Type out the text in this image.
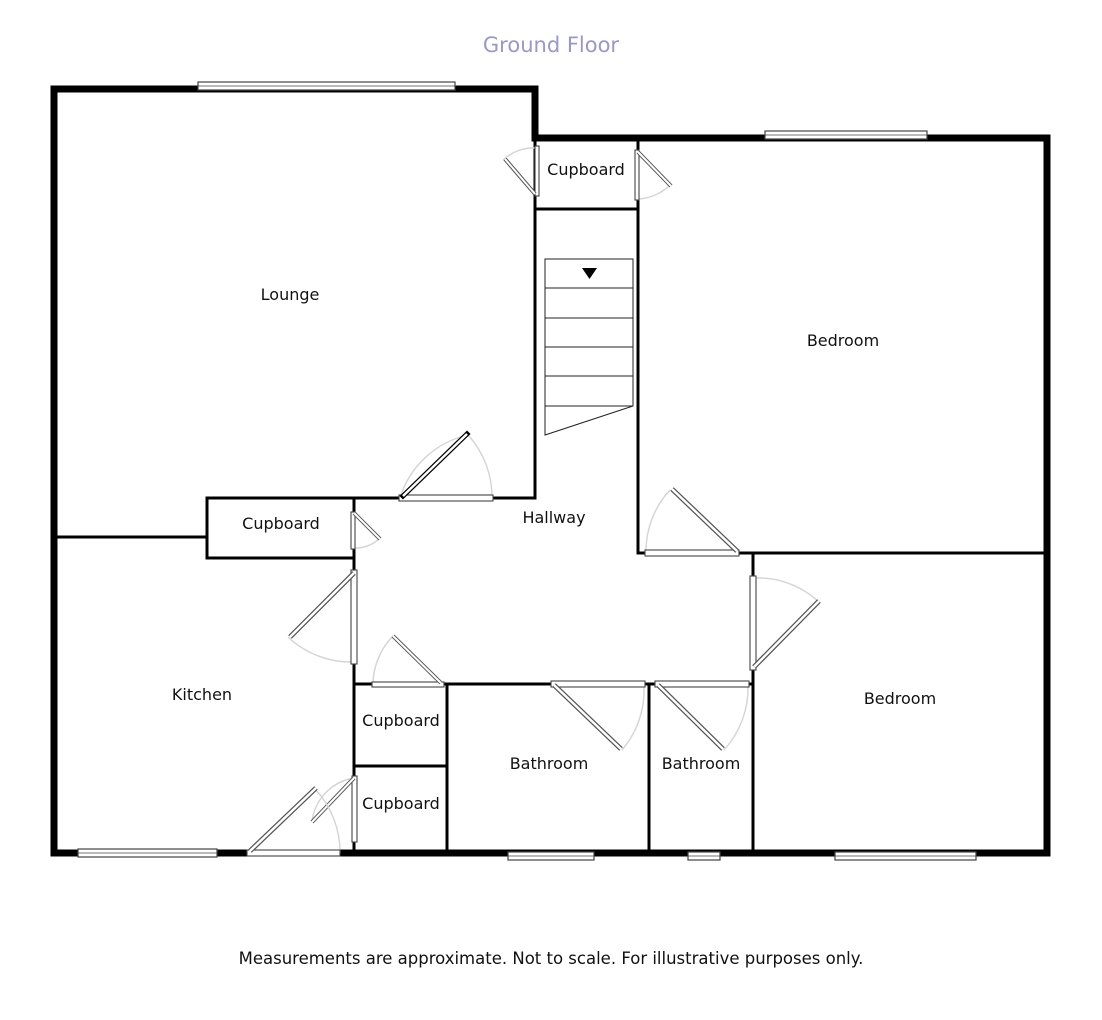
Ground Floor
Lounge
Cupboard
Bedroom
Cupboard	Hallway
Kitchen
Cupboard
Cupboard
Bathroom	Bathroom
Bedroom
Measurements are approximate. Not to scale. For illustrative purposes only.
